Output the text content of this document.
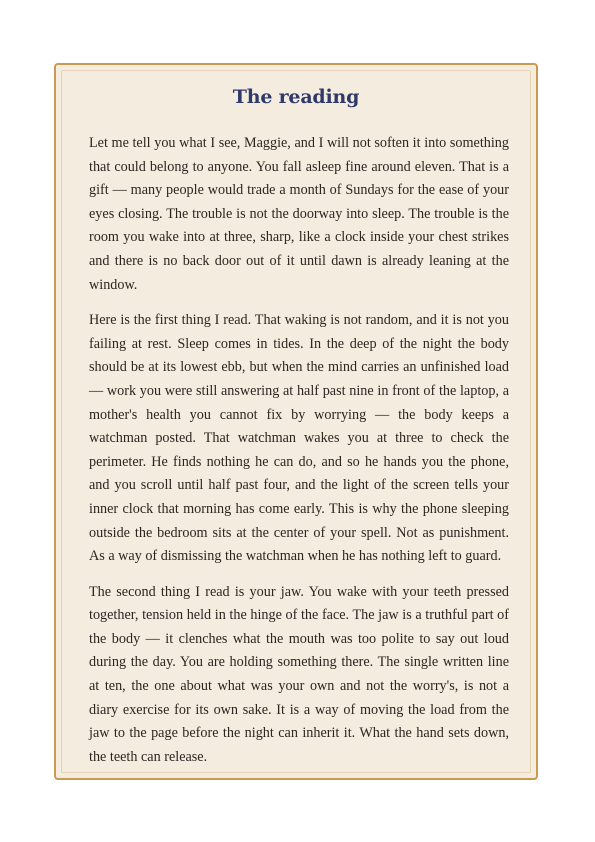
The reading

Let me tell you what I see, Maggie, and I will not soften it into something that could belong to anyone. You fall asleep fine around eleven. That is a gift — many people would trade a month of Sundays for the ease of your eyes closing. The trouble is not the doorway into sleep. The trouble is the room you wake into at three, sharp, like a clock inside your chest strikes and there is no back door out of it until dawn is already leaning at the window.

Here is the first thing I read. That waking is not random, and it is not you failing at rest. Sleep comes in tides. In the deep of the night the body should be at its lowest ebb, but when the mind carries an unfinished load — work you were still answering at half past nine in front of the laptop, a mother's health you cannot fix by worrying — the body keeps a watchman posted. That watchman wakes you at three to check the perimeter. He finds nothing he can do, and so he hands you the phone, and you scroll until half past four, and the light of the screen tells your inner clock that morning has come early. This is why the phone sleeping outside the bedroom sits at the center of your spell. Not as punishment. As a way of dismissing the watchman when he has nothing left to guard.

The second thing I read is your jaw. You wake with your teeth pressed together, tension held in the hinge of the face. The jaw is a truthful part of the body — it clenches what the mouth was too polite to say out loud during the day. You are holding something there. The single written line at ten, the one about what was your own and not the worry's, is not a diary exercise for its own sake. It is a way of moving the load from the jaw to the page before the night can inherit it. What the hand sets down, the teeth can release.
